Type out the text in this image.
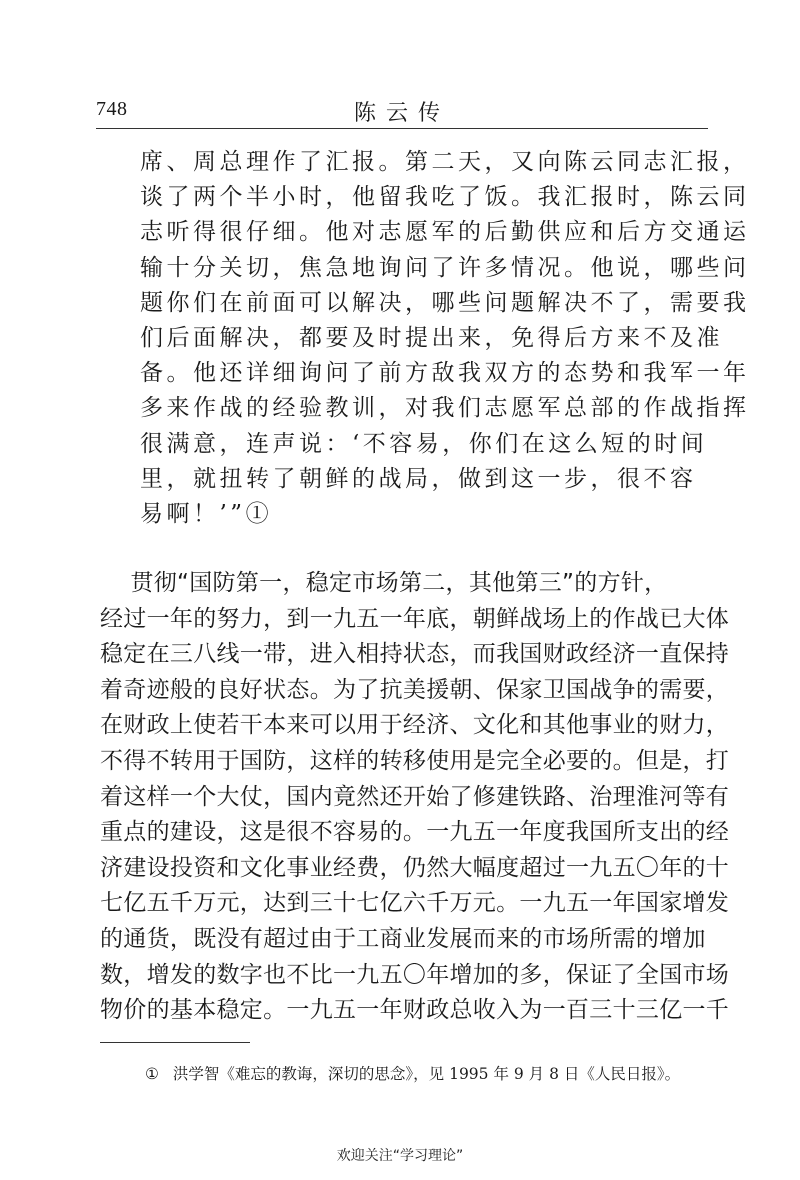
748	陈云传
席、周总理作了汇报。第二天，又向陈云同志汇报，
谈了两个半小时，他留我吃了饭。我汇报时，陈云同
志听得很仔细。他对志愿军的后勤供应和后方交通运
输十分关切，焦急地询问了许多情况。他说，哪些问
题你们在前面可以解决，哪些问题解决不了，需要我
们后面解决，都要及时提出来，免得后方来不及准
备。他还详细询问了前方敌我双方的态势和我军一年
多来作战的经验教训，对我们志愿军总部的作战指挥
很满意，连声说：‘不容易，你们在这么短的时间
里，就扭转了朝鲜的战局，做到这一步，很不容
易啊！’”①
贯彻“国防第一，稳定市场第二，其他第三”的方针，
经过一年的努力，到一九五一年底，朝鲜战场上的作战已大体
稳定在三八线一带，进入相持状态，而我国财政经济一直保持
着奇迹般的良好状态。为了抗美援朝、保家卫国战争的需要，
在财政上使若干本来可以用于经济、文化和其他事业的财力，
不得不转用于国防，这样的转移使用是完全必要的。但是，打
着这样一个大仗，国内竟然还开始了修建铁路、治理淮河等有
重点的建设，这是很不容易的。一九五一年度我国所支出的经
济建设投资和文化事业经费，仍然大幅度超过一九五〇年的十
七亿五千万元，达到三十七亿六千万元。一九五一年国家增发
的通货，既没有超过由于工商业发展而来的市场所需的增加
数，增发的数字也不比一九五〇年增加的多，保证了全国市场
物价的基本稳定。一九五一年财政总收入为一百三十三亿一千
① 洪学智《难忘的教诲，深切的思念》，见 1995 年 9 月 8 日《人民日报》。
欢迎关注“学习理论”
